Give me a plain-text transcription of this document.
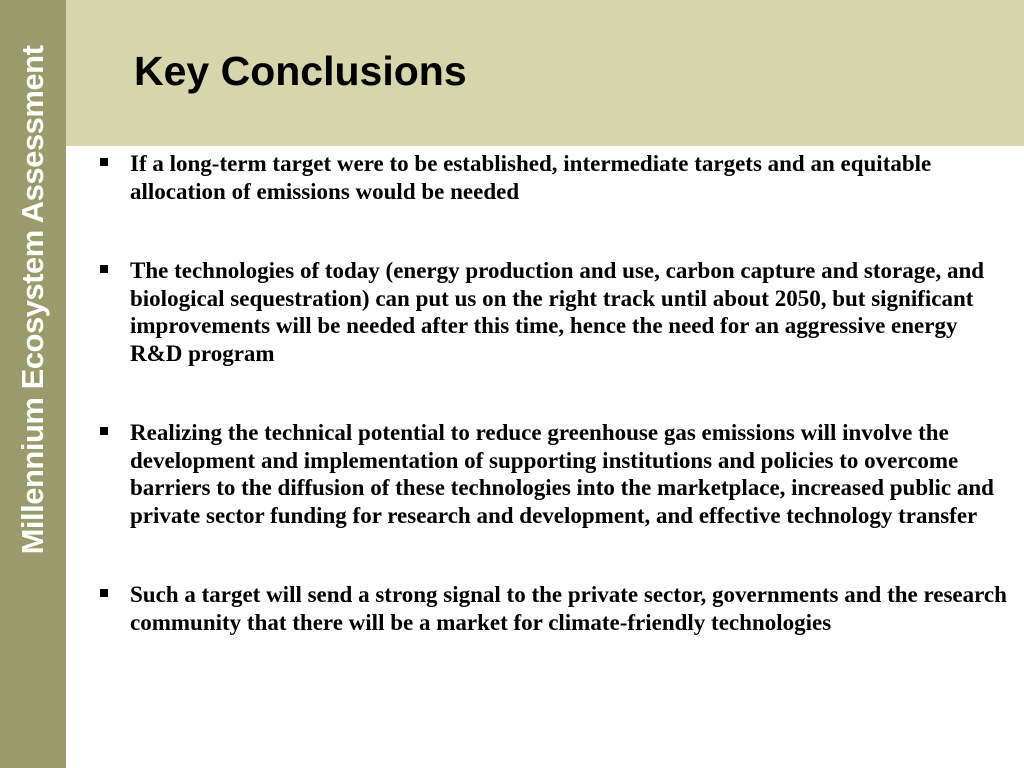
Millennium Ecosystem Assessment Key Conclusions
If a long-term target were to be established, intermediate targets and an equitable allocation of emissions would be needed
The technologies of today (energy production and use, carbon capture and storage, and biological sequestration) can put us on the right track until about 2050, but significant improvements will be needed after this time, hence the need for an aggressive energy R&D program
Realizing the technical potential to reduce greenhouse gas emissions will involve the development and implementation of supporting institutions and policies to overcome barriers to the diffusion of these technologies into the marketplace, increased public and private sector funding for research and development, and effective technology transfer
Such a target will send a strong signal to the private sector, governments and the research community that there will be a market for climate-friendly technologies
